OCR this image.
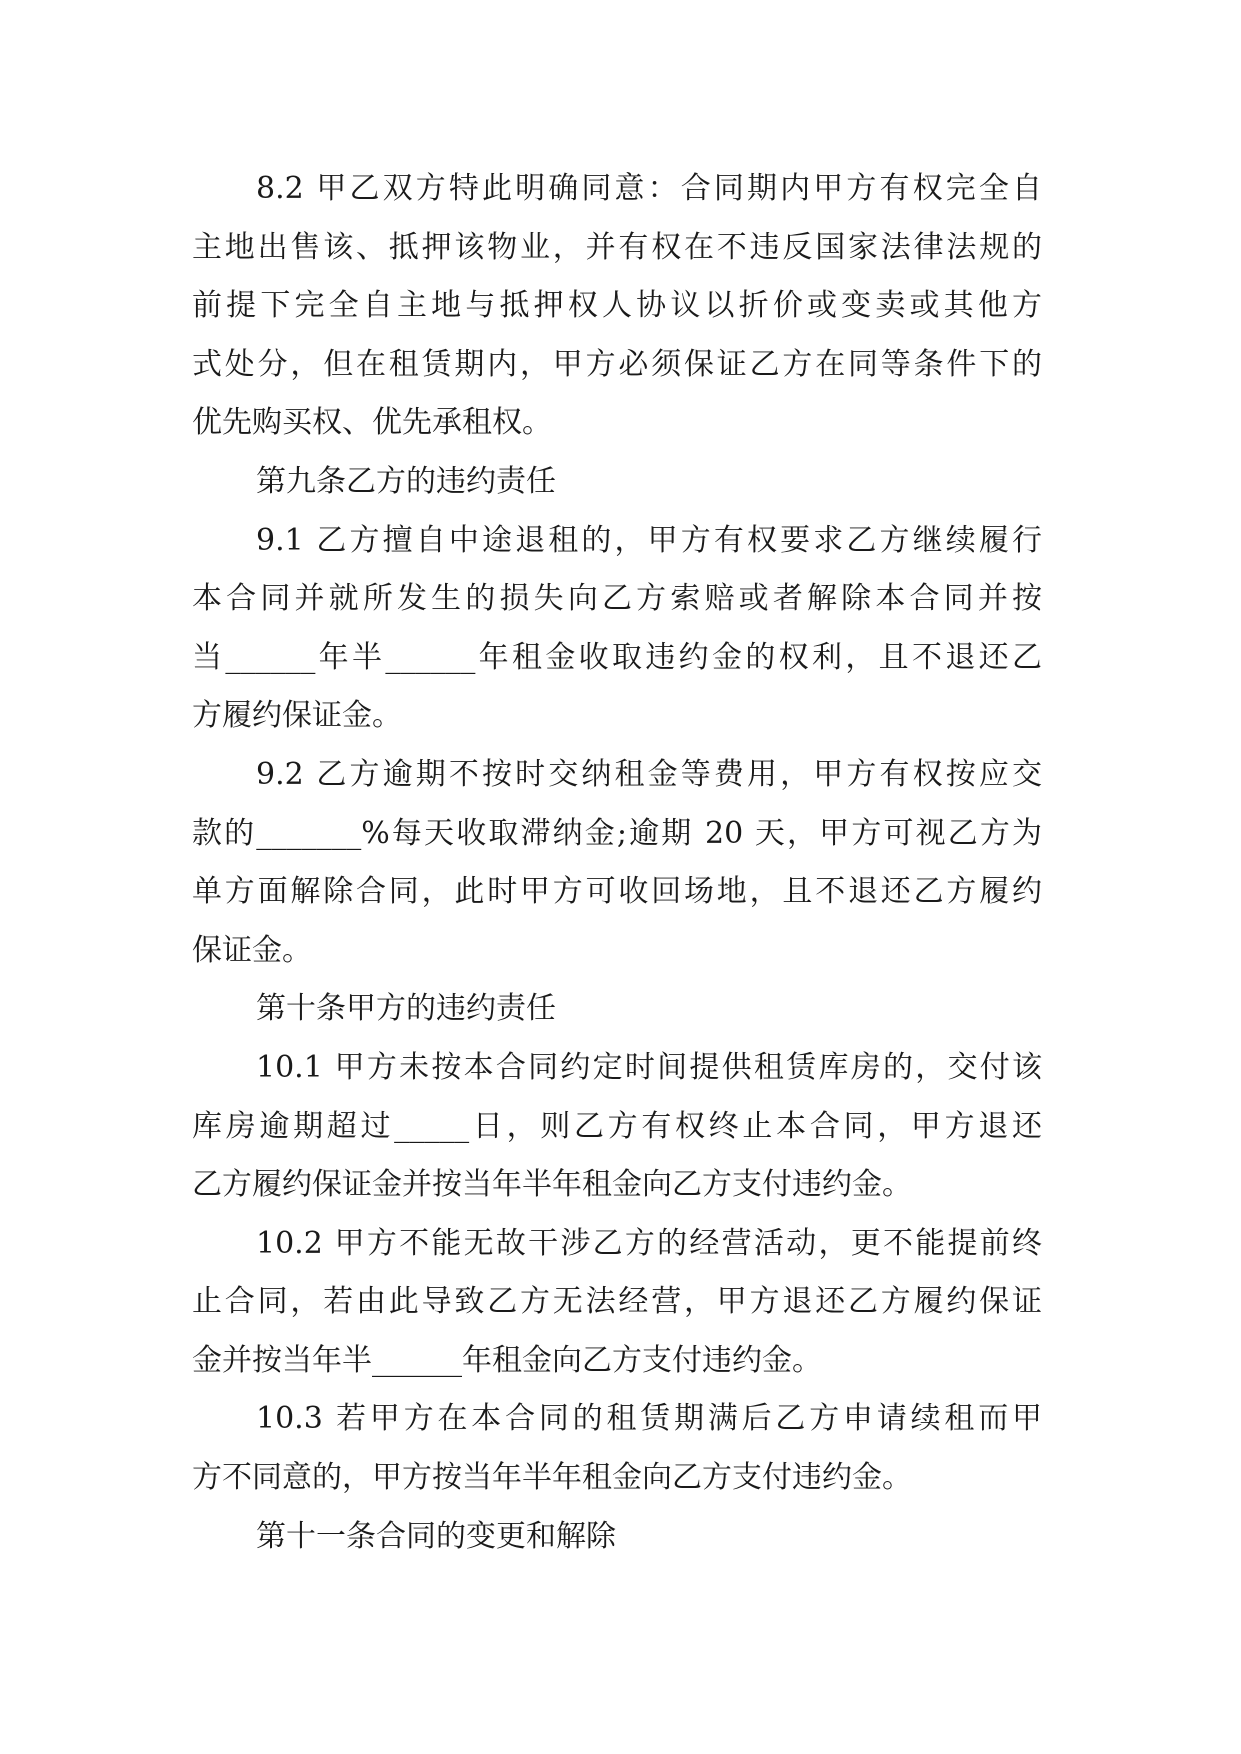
8.2 甲乙双方特此明确同意：合同期内甲方有权完全自
主地出售该、抵押该物业，并有权在不违反国家法律法规的
前提下完全自主地与抵押权人协议以折价或变卖或其他方
式处分，但在租赁期内，甲方必须保证乙方在同等条件下的
优先购买权、优先承租权。
第九条乙方的违约责任
9.1 乙方擅自中途退租的，甲方有权要求乙方继续履行
本合同并就所发生的损失向乙方索赔或者解除本合同并按
当______年半______年租金收取违约金的权利，且不退还乙
方履约保证金。
9.2 乙方逾期不按时交纳租金等费用，甲方有权按应交
款的_______%每天收取滞纳金;逾期 20 天，甲方可视乙方为
单方面解除合同，此时甲方可收回场地，且不退还乙方履约
保证金。
第十条甲方的违约责任
10.1 甲方未按本合同约定时间提供租赁库房的，交付该
库房逾期超过_____日，则乙方有权终止本合同，甲方退还
乙方履约保证金并按当年半年租金向乙方支付违约金。
10.2 甲方不能无故干涉乙方的经营活动，更不能提前终
止合同，若由此导致乙方无法经营，甲方退还乙方履约保证
金并按当年半______年租金向乙方支付违约金。
10.3 若甲方在本合同的租赁期满后乙方申请续租而甲
方不同意的，甲方按当年半年租金向乙方支付违约金。
第十一条合同的变更和解除
